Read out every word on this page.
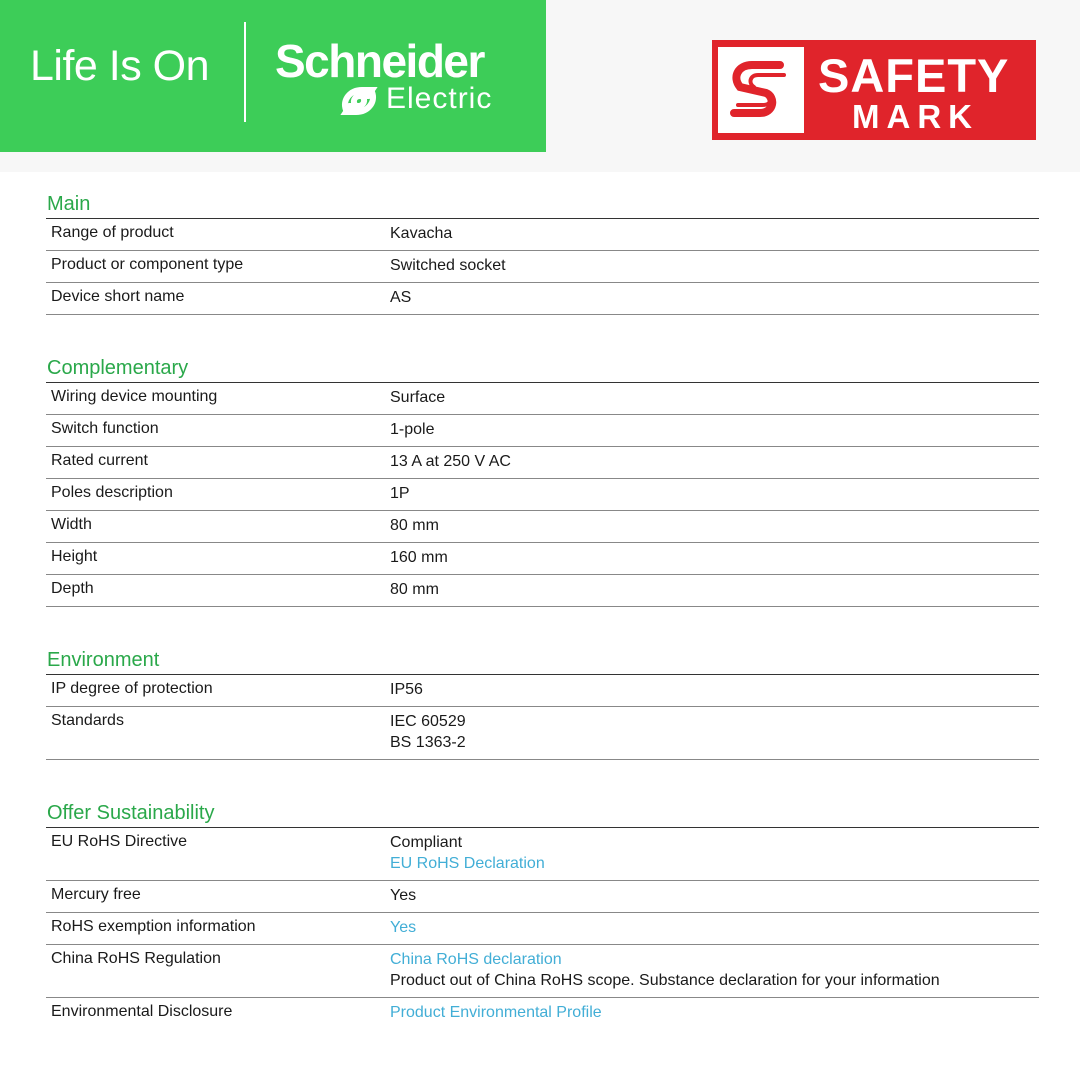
Life Is On Schneider
Electric	SAFETY
MARK
Main
Range of product	Kavacha
Product or component type	Switched socket
Device short name	AS
Complementary
Wiring device mounting	Surface
Switch function	1-pole
Rated current	13 A at 250 V AC
Poles description	1P
Width	80 mm
Height	160 mm
Depth	80 mm
Environment
IP degree of protection	IP56
Standards	IEC 60529
BS 1363-2
Offer Sustainability
EU RoHS Directive	Compliant
EU RoHS Declaration
Mercury free	Yes
RoHS exemption information	Yes
China RoHS Regulation	China RoHS declaration
Product out of China RoHS scope. Substance declaration for your information
Environmental Disclosure	Product Environmental Profile
